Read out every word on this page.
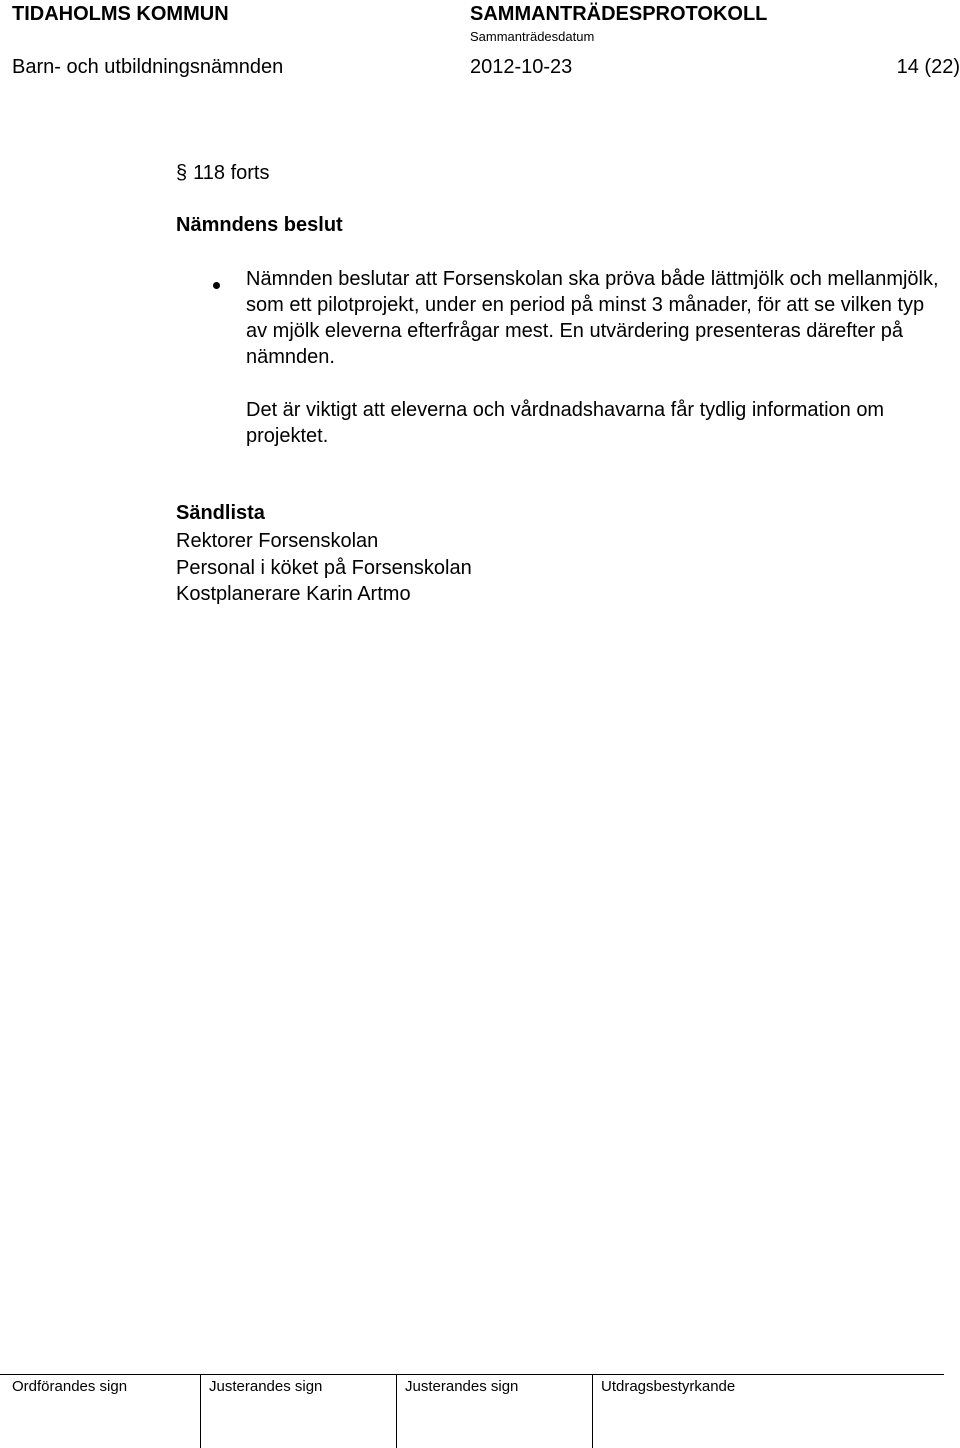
TIDAHOLMS KOMMUN	SAMMANTRÄDESPROTOKOLL
Sammanträdesdatum
Barn- och utbildningsnämnden	2012-10-23	14 (22)
§ 118 forts
Nämndens beslut
Nämnden beslutar att Forsenskolan ska pröva både lättmjölk och mellanmjölk, som ett pilotprojekt, under en period på minst 3 månader, för att se vilken typ av mjölk eleverna efterfrågar mest. En utvärdering presenteras därefter på nämnden.
Det är viktigt att eleverna och vårdnadshavarna får tydlig information om projektet.
Sändlista
Rektorer Forsenskolan
Personal i köket på Forsenskolan
Kostplanerare Karin Artmo
Ordförandes sign	Justerandes sign	Justerandes sign	Utdragsbestyrkande
